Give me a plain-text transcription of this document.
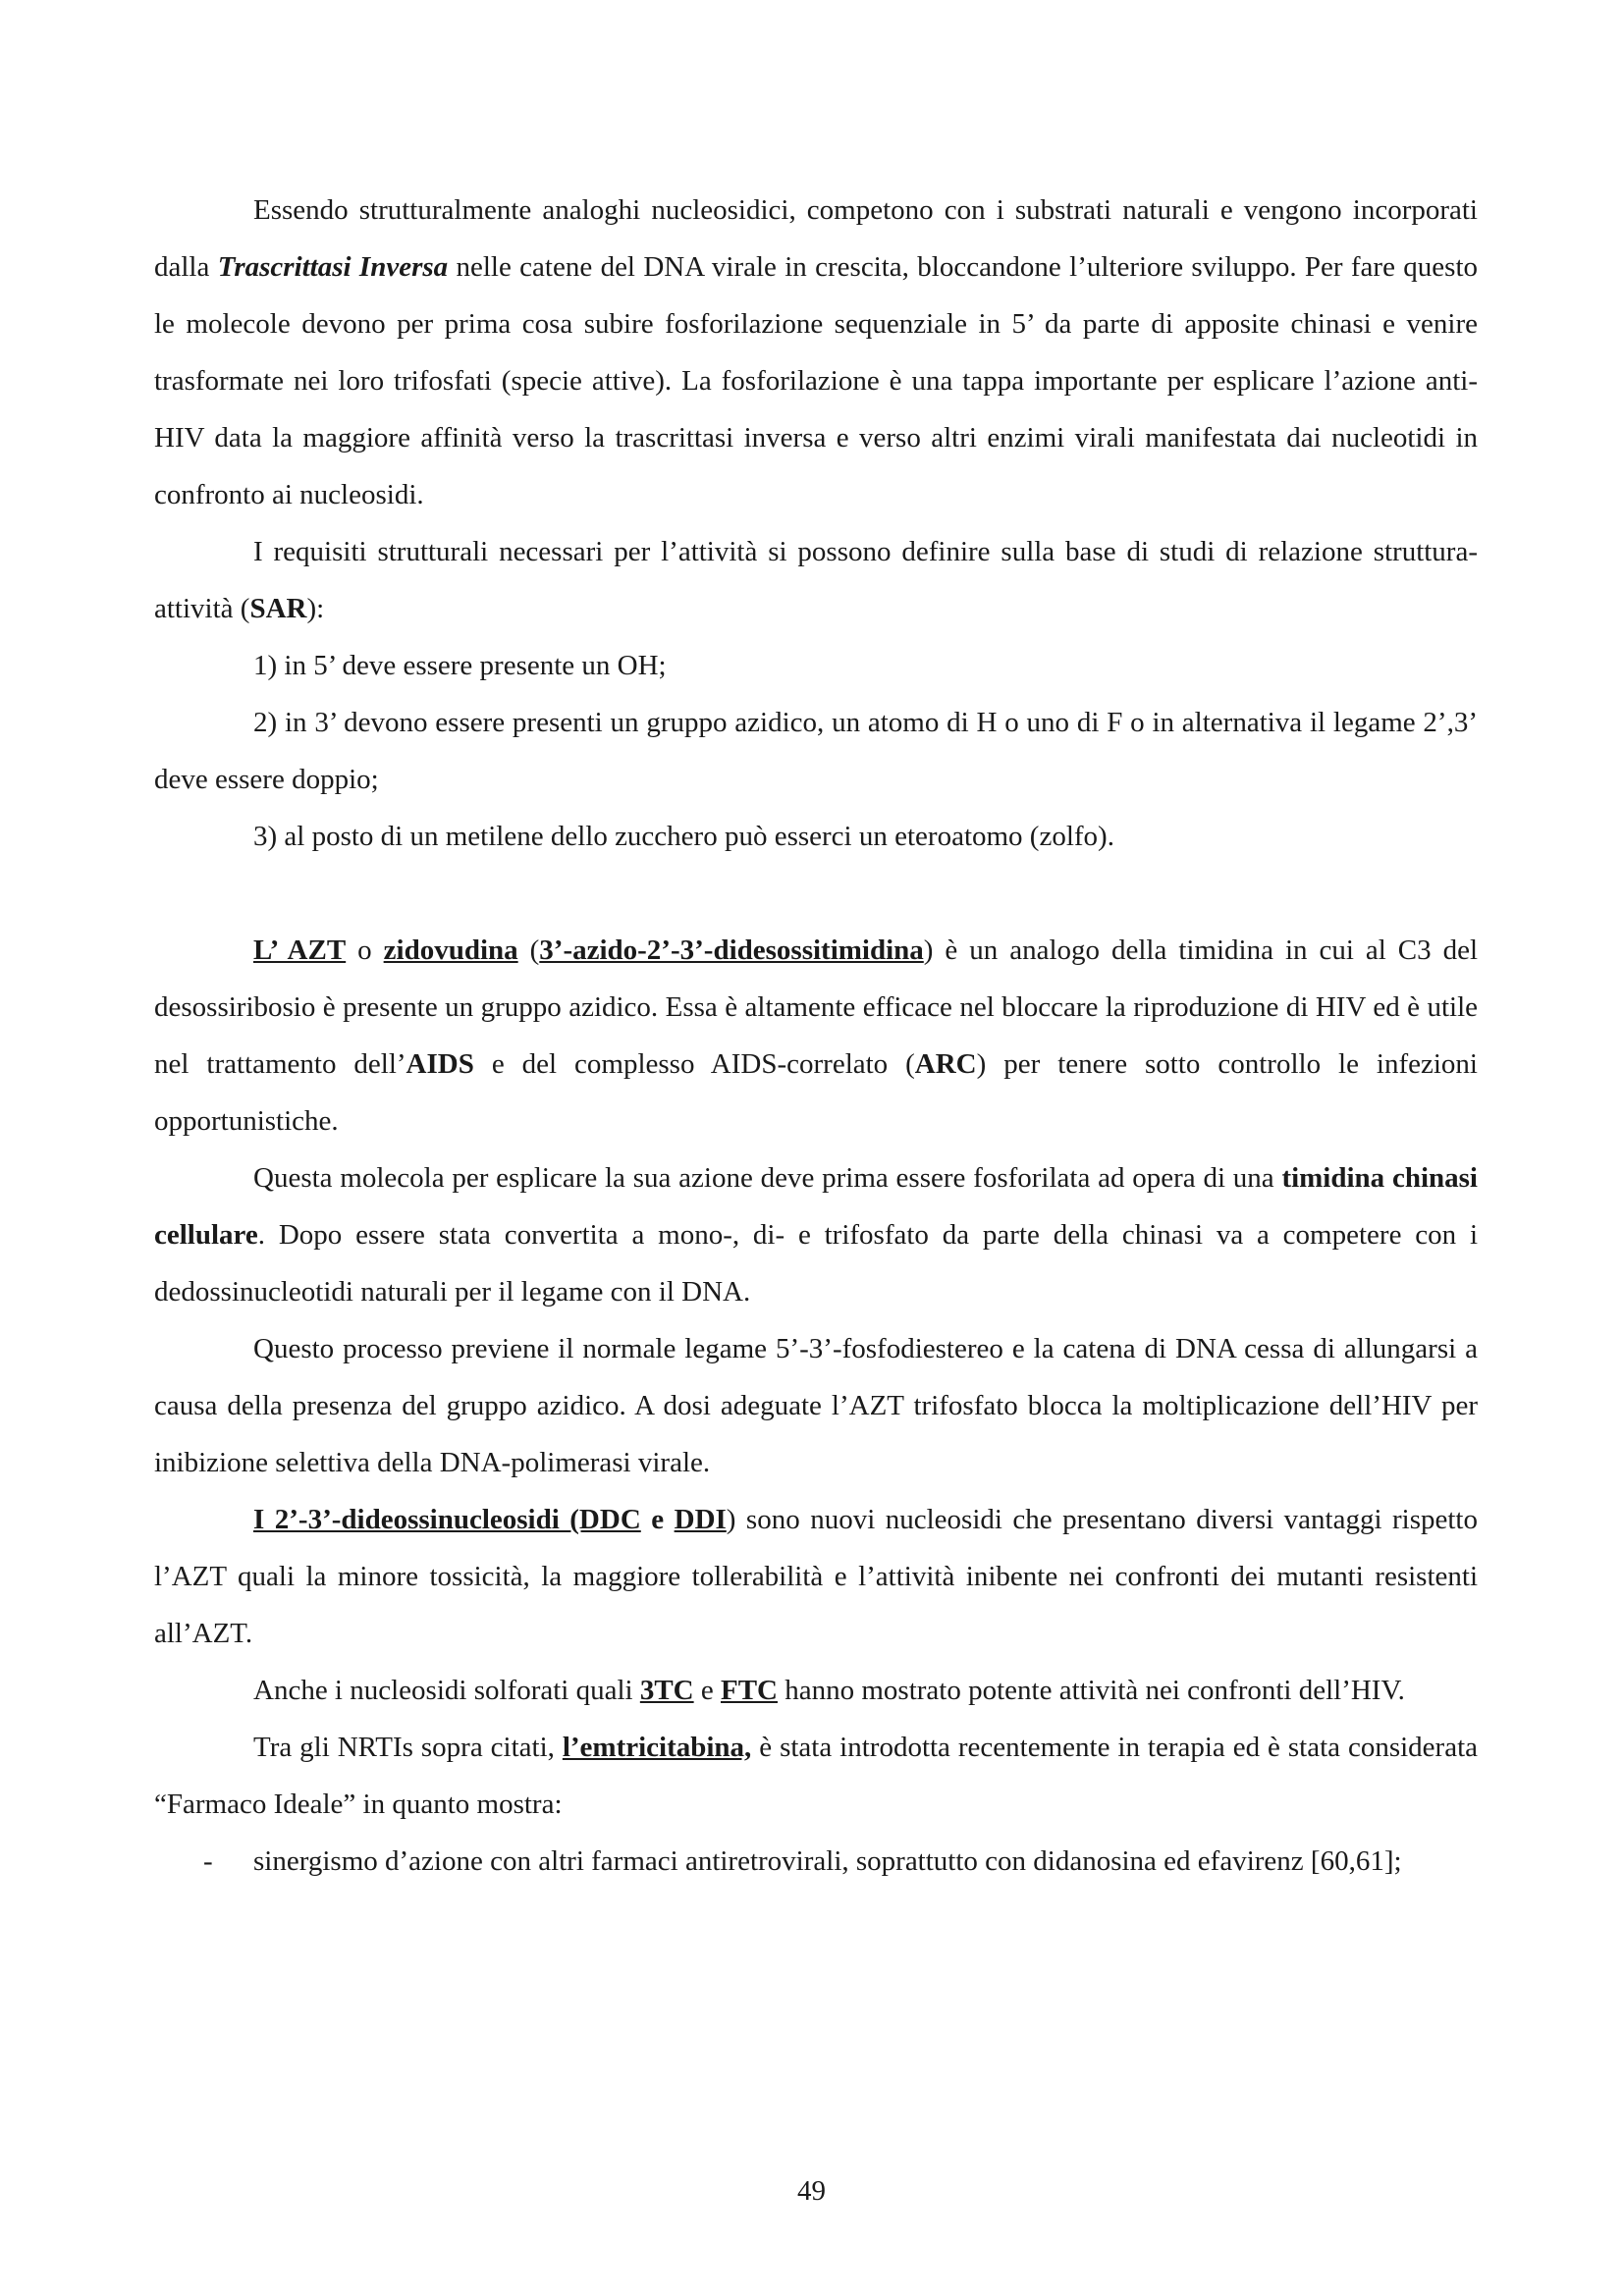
Essendo strutturalmente analoghi nucleosidici, competono con i substrati naturali e vengono incorporati dalla Trascrittasi Inversa nelle catene del DNA virale in crescita, bloccandone l’ulteriore sviluppo. Per fare questo le molecole devono per prima cosa subire fosforilazione sequenziale in 5’ da parte di apposite chinasi e venire trasformate nei loro trifosfati (specie attive). La fosforilazione è una tappa importante per esplicare l’azione anti-HIV data la maggiore affinità verso la trascrittasi inversa e verso altri enzimi virali manifestata dai nucleotidi in confronto ai nucleosidi.

I requisiti strutturali necessari per l’attività si possono definire sulla base di studi di relazione struttura-attività (SAR):

1) in 5’ deve essere presente un OH;

2) in 3’ devono essere presenti un gruppo azidico, un atomo di H o uno di F o in alternativa il legame 2’,3’ deve essere doppio;

3) al posto di un metilene dello zucchero può esserci un eteroatomo (zolfo).

L’ AZT o zidovudina (3’-azido-2’-3’-didesossitimidina) è un analogo della timidina in cui al C3 del desossiribosio è presente un gruppo azidico. Essa è altamente efficace nel bloccare la riproduzione di HIV ed è utile nel trattamento dell’AIDS e del complesso AIDS-correlato (ARC) per tenere sotto controllo le infezioni opportunistiche.

Questa molecola per esplicare la sua azione deve prima essere fosforilata ad opera di una timidina chinasi cellulare. Dopo essere stata convertita a mono-, di- e trifosfato da parte della chinasi va a competere con i dedossinucleotidi naturali per il legame con il DNA.

Questo processo previene il normale legame 5’-3’-fosfodiestereo e la catena di DNA cessa di allungarsi a causa della presenza del gruppo azidico. A dosi adeguate l’AZT trifosfato blocca la moltiplicazione dell’HIV per inibizione selettiva della DNA-polimerasi virale.

I 2’-3’-dideossinucleosidi (DDC e DDI) sono nuovi nucleosidi che presentano diversi vantaggi rispetto l’AZT quali la minore tossicità, la maggiore tollerabilità e l’attività inibente nei confronti dei mutanti resistenti all’AZT.

Anche i nucleosidi solforati quali 3TC e FTC hanno mostrato potente attività nei confronti dell’HIV.

Tra gli NRTIs sopra citati, l’emtricitabina, è stata introdotta recentemente in terapia ed è stata considerata “Farmaco Ideale” in quanto mostra:

- sinergismo d’azione con altri farmaci antiretrovirali, soprattutto con didanosina ed efavirenz [60,61];
49
